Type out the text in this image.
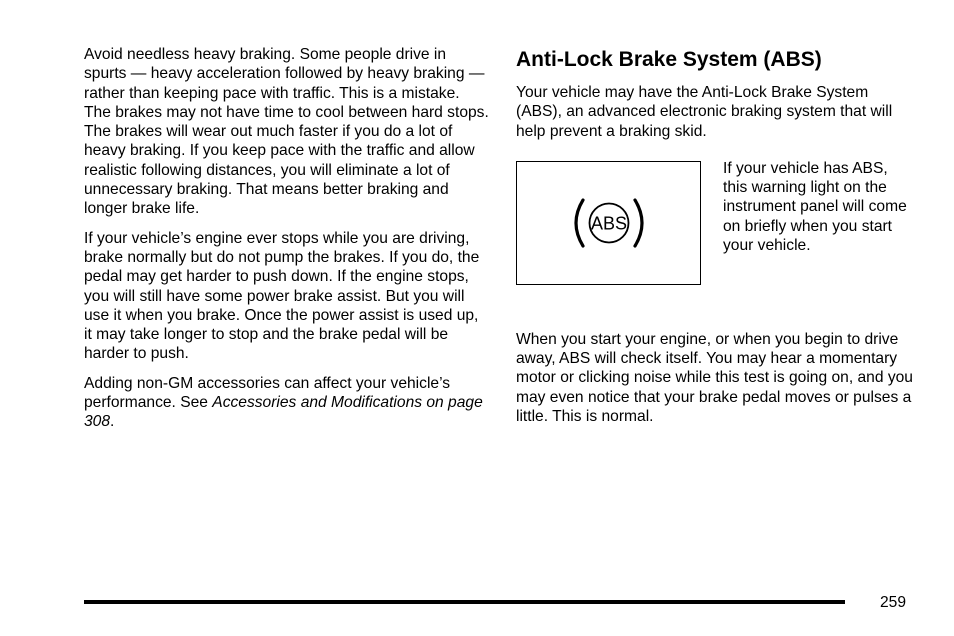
Avoid needless heavy braking. Some people drive in spurts — heavy acceleration followed by heavy braking — rather than keeping pace with traffic. This is a mistake. The brakes may not have time to cool between hard stops. The brakes will wear out much faster if you do a lot of heavy braking. If you keep pace with the traffic and allow realistic following distances, you will eliminate a lot of unnecessary braking. That means better braking and longer brake life.

If your vehicle’s engine ever stops while you are driving, brake normally but do not pump the brakes. If you do, the pedal may get harder to push down. If the engine stops, you will still have some power brake assist. But you will use it when you brake. Once the power assist is used up, it may take longer to stop and the brake pedal will be harder to push.

Adding non-GM accessories can affect your vehicle’s performance. See Accessories and Modifications on page 308.

Anti-Lock Brake System (ABS)

Your vehicle may have the Anti-Lock Brake System (ABS), an advanced electronic braking system that will help prevent a braking skid.

ABS
If your vehicle has ABS, this warning light on the instrument panel will come on briefly when you start your vehicle.

When you start your engine, or when you begin to drive away, ABS will check itself. You may hear a momentary motor or clicking noise while this test is going on, and you may even notice that your brake pedal moves or pulses a little. This is normal.

259
